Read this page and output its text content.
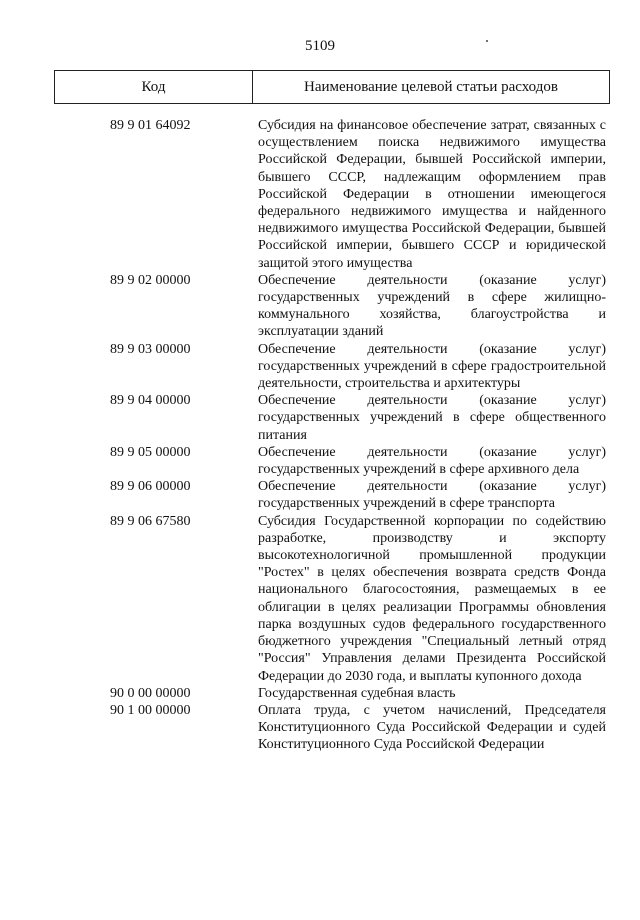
5109
Код	Наименование целевой статьи расходов
89 9 01 64092	Субсидия на финансовое обеспечение затрат, связанных с осуществлением поиска недвижимого имущества Российской Федерации, бывшей Российской империи, бывшего СССР, надлежащим оформлением прав Российской Федерации в отношении имеющегося федерального недвижимого имущества и найденного недвижимого имущества Российской Федерации, бывшей Российской империи, бывшего СССР и юридической защитой этого имущества
89 9 02 00000	Обеспечение деятельности (оказание услуг) государственных учреждений в сфере жилищно-коммунального хозяйства, благоустройства и эксплуатации зданий
89 9 03 00000	Обеспечение деятельности (оказание услуг) государственных учреждений в сфере градостроительной деятельности, строительства и архитектуры
89 9 04 00000	Обеспечение деятельности (оказание услуг) государственных учреждений в сфере общественного питания
89 9 05 00000	Обеспечение деятельности (оказание услуг) государственных учреждений в сфере архивного дела
89 9 06 00000	Обеспечение деятельности (оказание услуг) государственных учреждений в сфере транспорта
89 9 06 67580	Субсидия Государственной корпорации по содействию разработке, производству и экспорту высокотехнологичной промышленной продукции "Ростех" в целях обеспечения возврата средств Фонда национального благосостояния, размещаемых в ее облигации в целях реализации Программы обновления парка воздушных судов федерального государственного бюджетного учреждения "Специальный летный отряд "Россия" Управления делами Президента Российской Федерации до 2030 года, и выплаты купонного дохода
90 0 00 00000	Государственная судебная власть
90 1 00 00000	Оплата труда, с учетом начислений, Председателя Конституционного Суда Российской Федерации и судей Конституционного Суда Российской Федерации
